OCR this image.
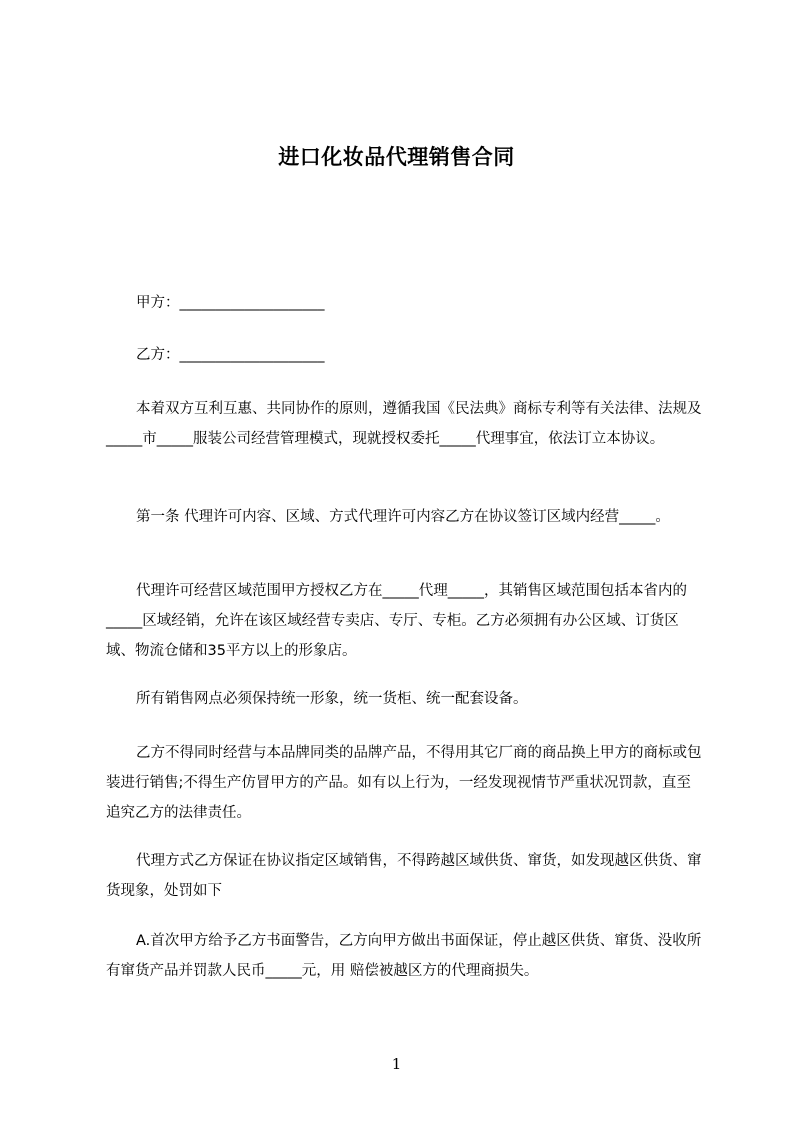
进口化妆品代理销售合同

甲方：____________________

乙方：____________________

本着双方互利互惠、共同协作的原则，遵循我国《民法典》商标专利等有关法律、法规及_____市_____服装公司经营管理模式，现就授权委托_____代理事宜，依法订立本协议。

第一条 代理许可内容、区域、方式代理许可内容乙方在协议签订区域内经营_____。

代理许可经营区域范围甲方授权乙方在_____代理_____，其销售区域范围包括本省内的_____区域经销，允许在该区域经营专卖店、专厅、专柜。乙方必须拥有办公区域、订货区域、物流仓储和35平方以上的形象店。

所有销售网点必须保持统一形象，统一货柜、统一配套设备。

乙方不得同时经营与本品牌同类的品牌产品，不得用其它厂商的商品换上甲方的商标或包装进行销售;不得生产仿冒甲方的产品。如有以上行为，一经发现视情节严重状况罚款，直至追究乙方的法律责任。

代理方式乙方保证在协议指定区域销售，不得跨越区域供货、窜货，如发现越区供货、窜货现象，处罚如下

A.首次甲方给予乙方书面警告，乙方向甲方做出书面保证，停止越区供货、窜货、没收所有窜货产品并罚款人民币_____元，用 赔偿被越区方的代理商损失。

1
